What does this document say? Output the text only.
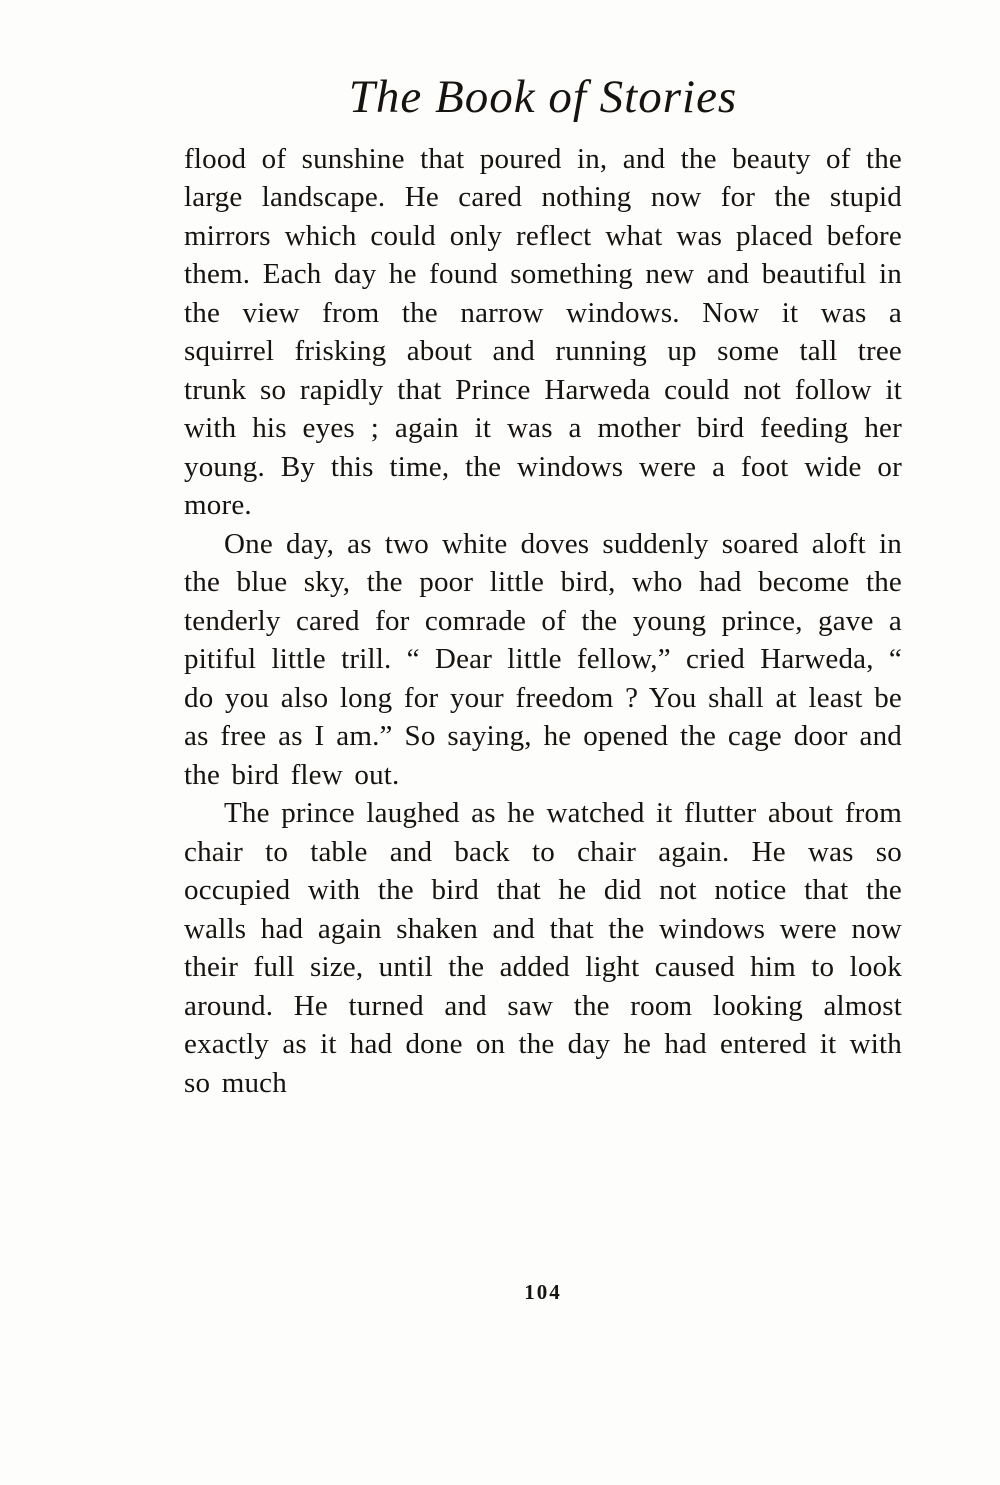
The Book of Stories

flood of sunshine that poured in, and the beauty of the large landscape. He cared nothing now for the stupid mirrors which could only reflect what was placed before them. Each day he found something new and beautiful in the view from the narrow windows. Now it was a squirrel frisking about and running up some tall tree trunk so rapidly that Prince Harweda could not follow it with his eyes ; again it was a mother bird feeding her young. By this time, the windows were a foot wide or more.

One day, as two white doves suddenly soared aloft in the blue sky, the poor little bird, who had become the tenderly cared for comrade of the young prince, gave a pitiful little trill. “ Dear little fellow,” cried Harweda, “ do you also long for your freedom ? You shall at least be as free as I am.” So saying, he opened the cage door and the bird flew out.

The prince laughed as he watched it flutter about from chair to table and back to chair again. He was so occupied with the bird that he did not notice that the walls had again shaken and that the windows were now their full size, until the added light caused him to look around. He turned and saw the room looking almost exactly as it had done on the day he had entered it with so much

104
